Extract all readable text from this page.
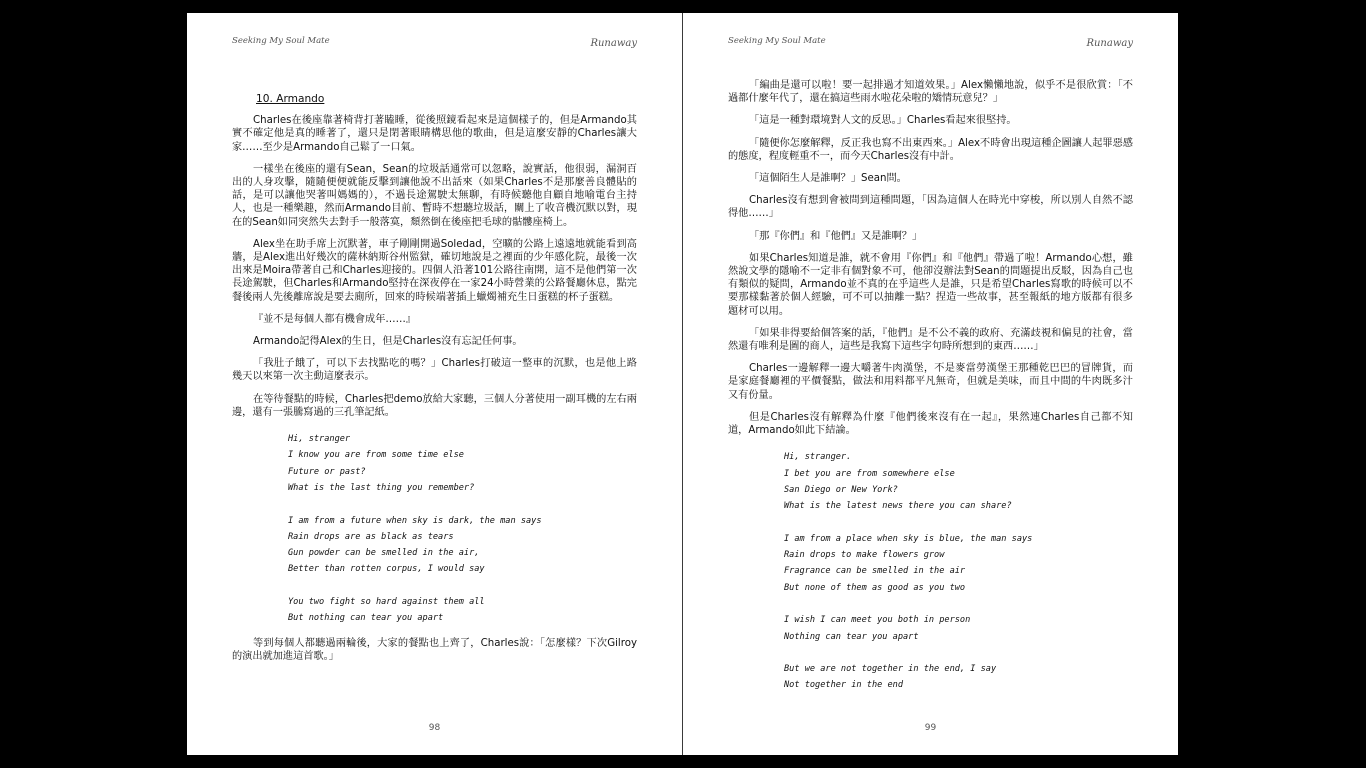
Seeking My Soul Mate	Runaway
10. Armando
Charles在後座靠著椅背打著瞌睡，從後照鏡看起來是這個樣子的，但是Armando其實不確定他是真的睡著了，還只是閉著眼睛構思他的歌曲，但是這麼安靜的Charles讓大家……至少是Armando自己鬆了一口氣。
一樣坐在後座的還有Sean，Sean的垃圾話通常可以忽略，說實話，他很弱，漏洞百出的人身攻擊，隨隨便便就能反擊到讓他說不出話來（如果Charles不是那麼善良體貼的話，是可以讓他哭著叫媽媽的），不過長途駕駛太無聊，有時候聽他自顧自地喻電台主持人，也是一種樂趣，然而Armando目前、暫時不想聽垃圾話，關上了收音機沉默以對，現在的Sean如同突然失去對手一般落寞，頹然倒在後座把毛球的骷髏座椅上。
Alex坐在助手席上沉默著，車子剛剛開過Soledad，空曠的公路上遠遠地就能看到高牆，是Alex進出好幾次的薩林納斯谷州監獄，確切地說是之裡面的少年感化院，最後一次出來是Moira帶著自己和Charles迎接的。四個人沿著101公路往南開，這不是他們第一次長途駕駛，但Charles和Armando堅持在深夜停在一家24小時營業的公路餐廳休息，點完餐後兩人先後離席說是要去廁所，回來的時候端著插上蠟燭補充生日蛋糕的杯子蛋糕。
『並不是每個人都有機會成年……』
Armando記得Alex的生日，但是Charles沒有忘記任何事。
「我肚子餓了，可以下去找點吃的嗎？」Charles打破這一整車的沉默，也是他上路幾天以來第一次主動這麼表示。
在等待餐點的時候，Charles把demo放給大家聽，三個人分著使用一副耳機的左右兩邊，還有一張騰寫過的三孔筆記紙。
Hi, stranger
I know you are from some time else
Future or past?
What is the last thing you remember?
I am from a future when sky is dark, the man says
Rain drops are as black as tears
Gun powder can be smelled in the air,
Better than rotten corpus, I would say
You two fight so hard against them all
But nothing can tear you apart
等到每個人都聽過兩輪後，大家的餐點也上齊了，Charles說：「怎麼樣？下次Gilroy的演出就加進這首歌。」
98
Seeking My Soul Mate	Runaway
「編曲是還可以啦！要一起排過才知道效果。」Alex懶懶地說，似乎不是很欣賞：「不過都什麼年代了，還在搞這些雨水啦花朵啦的矯情玩意兒？」
「這是一種對環境對人文的反思。」Charles看起來很堅持。
「隨便你怎麼解釋，反正我也寫不出東西來。」Alex不時會出現這種企圖讓人起罪惡感的態度，程度輕重不一，而今天Charles沒有中計。
「這個陌生人是誰啊？」Sean問。
Charles沒有想到會被問到這種問題，「因為這個人在時光中穿梭，所以別人自然不認得他……」
「那『你們』和『他們』又是誰啊？」
如果Charles知道是誰，就不會用『你們』和『他們』帶過了啦！Armando心想，雖然說文學的隱喻不一定非有個對象不可，他卻沒辦法對Sean的問題提出反駁，因為自己也有類似的疑問，Armando並不真的在乎這些人是誰，只是希望Charles寫歌的時候可以不要那樣黏著於個人經驗，可不可以抽離一點？捏造一些故事，甚至報紙的地方版都有很多題材可以用。
「如果非得要給個答案的話，『他們』是不公不義的政府、充滿歧視和偏見的社會，當然還有唯利是圖的商人，這些是我寫下這些字句時所想到的東西……」
Charles一邊解釋一邊大嚼著牛肉漢堡，不是麥當勞漢堡王那種乾巴巴的冒牌貨，而是家庭餐廳裡的平價餐點，做法和用料都平凡無奇，但就是美味，而且中間的牛肉既多汁又有份量。
但是Charles沒有解釋為什麼『他們後來沒有在一起』，果然連Charles自己都不知道，Armando如此下結論。
Hi, stranger.
I bet you are from somewhere else
San Diego or New York?
What is the latest news there you can share?
I am from a place when sky is blue, the man says
Rain drops to make flowers grow
Fragrance can be smelled in the air
But none of them as good as you two
I wish I can meet you both in person
Nothing can tear you apart
But we are not together in the end, I say
Not together in the end
99
